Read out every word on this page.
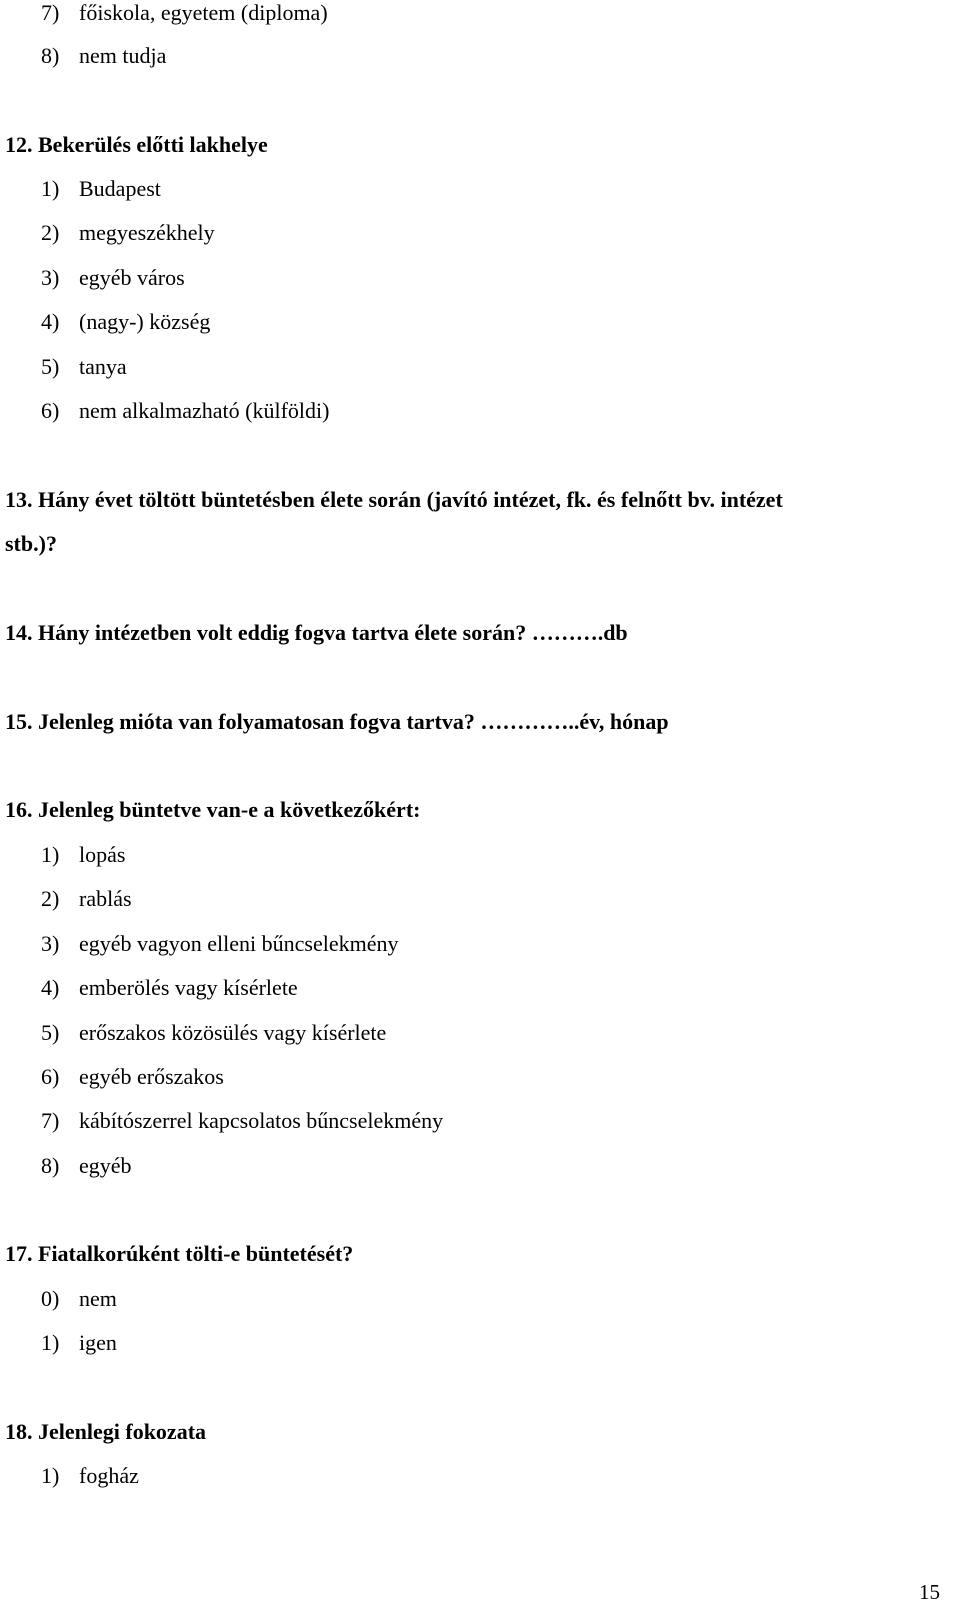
7) főiskola, egyetem (diploma)
8) nem tudja
12. Bekerülés előtti lakhelye
1) Budapest
2) megyeszékhely
3) egyéb város
4) (nagy-) község
5) tanya
6) nem alkalmazható (külföldi)
13. Hány évet töltött büntetésben élete során (javító intézet, fk. és felnőtt bv. intézet
stb.)?
14. Hány intézetben volt eddig fogva tartva élete során? ……….db
15. Jelenleg mióta van folyamatosan fogva tartva? …………..év, hónap
16. Jelenleg büntetve van-e a következőkért:
1) lopás
2) rablás
3) egyéb vagyon elleni bűncselekmény
4) emberölés vagy kísérlete
5) erőszakos közösülés vagy kísérlete
6) egyéb erőszakos
7) kábítószerrel kapcsolatos bűncselekmény
8) egyéb
17. Fiatalkorúként tölti-e büntetését?
0) nem
1) igen
18. Jelenlegi fokozata
1) fogház
15
